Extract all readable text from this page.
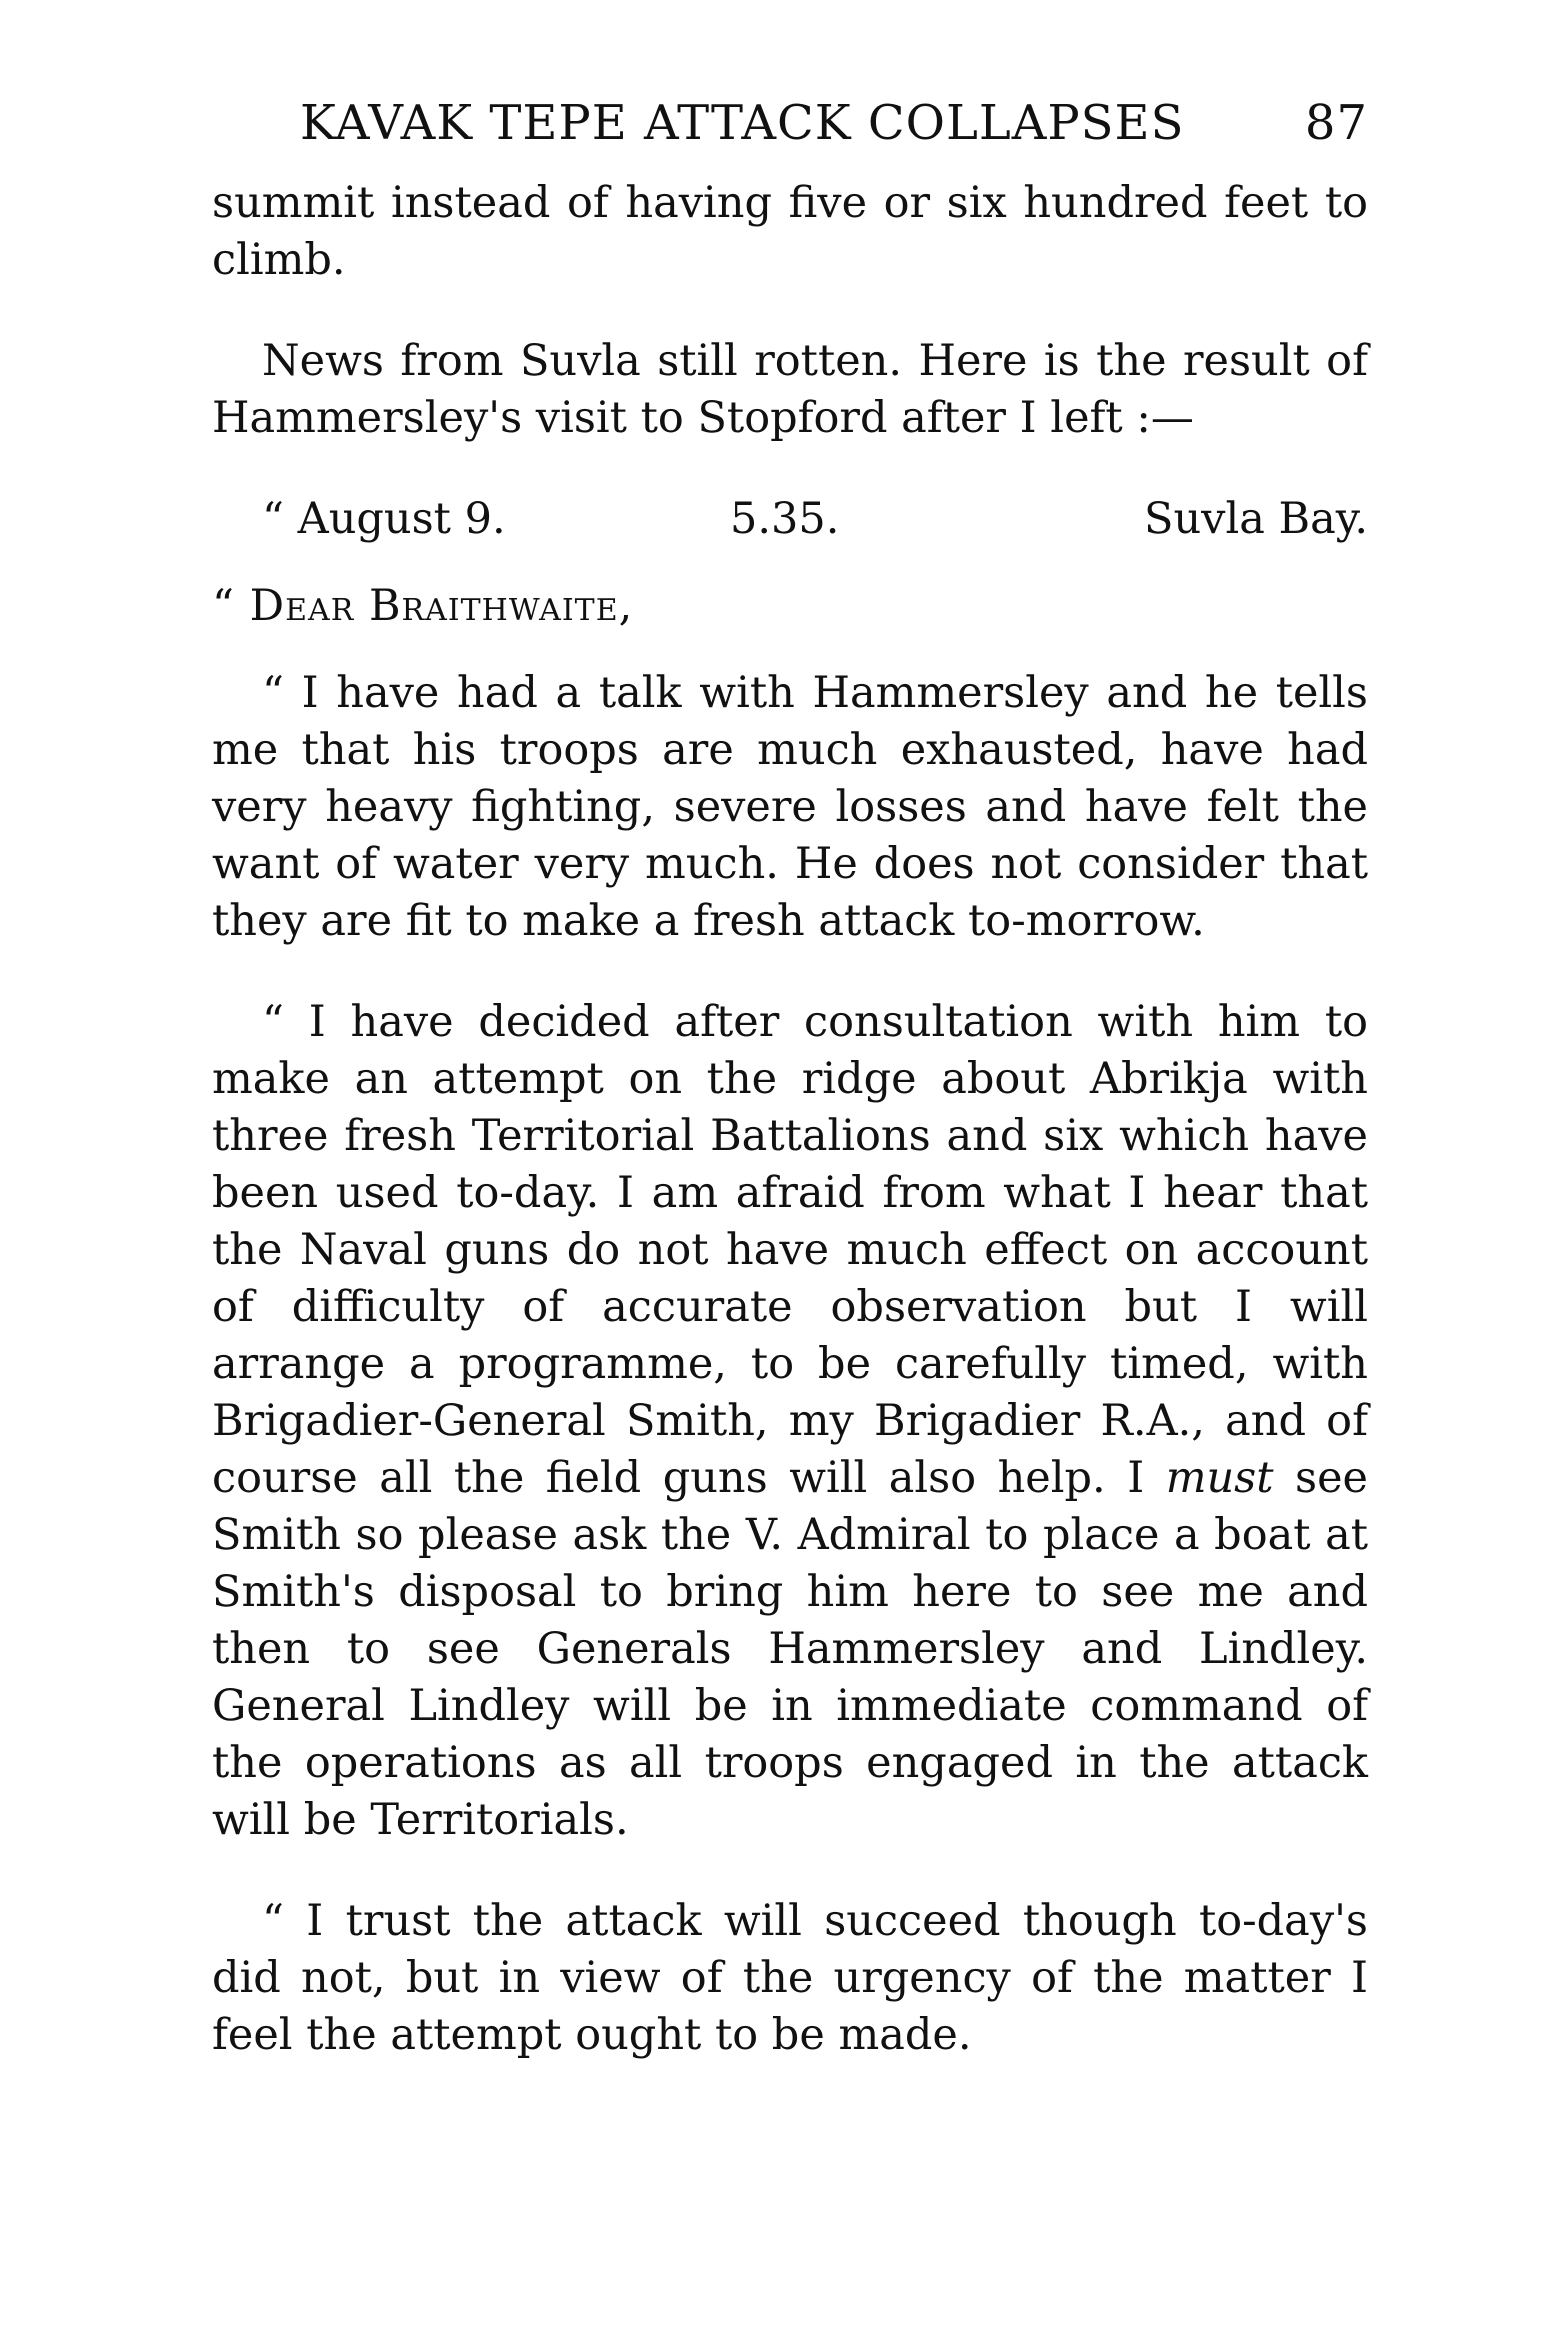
KAVAK TEPE ATTACK COLLAPSES	87

summit instead of having five or six hundred feet to climb.

News from Suvla still rotten. Here is the result of Hammersley's visit to Stopford after I left :—

“ August 9.	5.35.	Suvla Bay.

“ Dear Braithwaite,

“ I have had a talk with Hammersley and he tells me that his troops are much exhausted, have had very heavy fighting, severe losses and have felt the want of water very much. He does not consider that they are fit to make a fresh attack to-morrow.

“ I have decided after consultation with him to make an attempt on the ridge about Abrikja with three fresh Territorial Battalions and six which have been used to-day. I am afraid from what I hear that the Naval guns do not have much effect on account of difficulty of accurate observation but I will arrange a programme, to be carefully timed, with Brigadier-General Smith, my Brigadier R.A., and of course all the field guns will also help. I must see Smith so please ask the V. Admiral to place a boat at Smith's disposal to bring him here to see me and then to see Generals Hammersley and Lindley. General Lindley will be in immediate command of the operations as all troops engaged in the attack will be Territorials.

“ I trust the attack will succeed though to-day's did not, but in view of the urgency of the matter I feel the attempt ought to be made.
